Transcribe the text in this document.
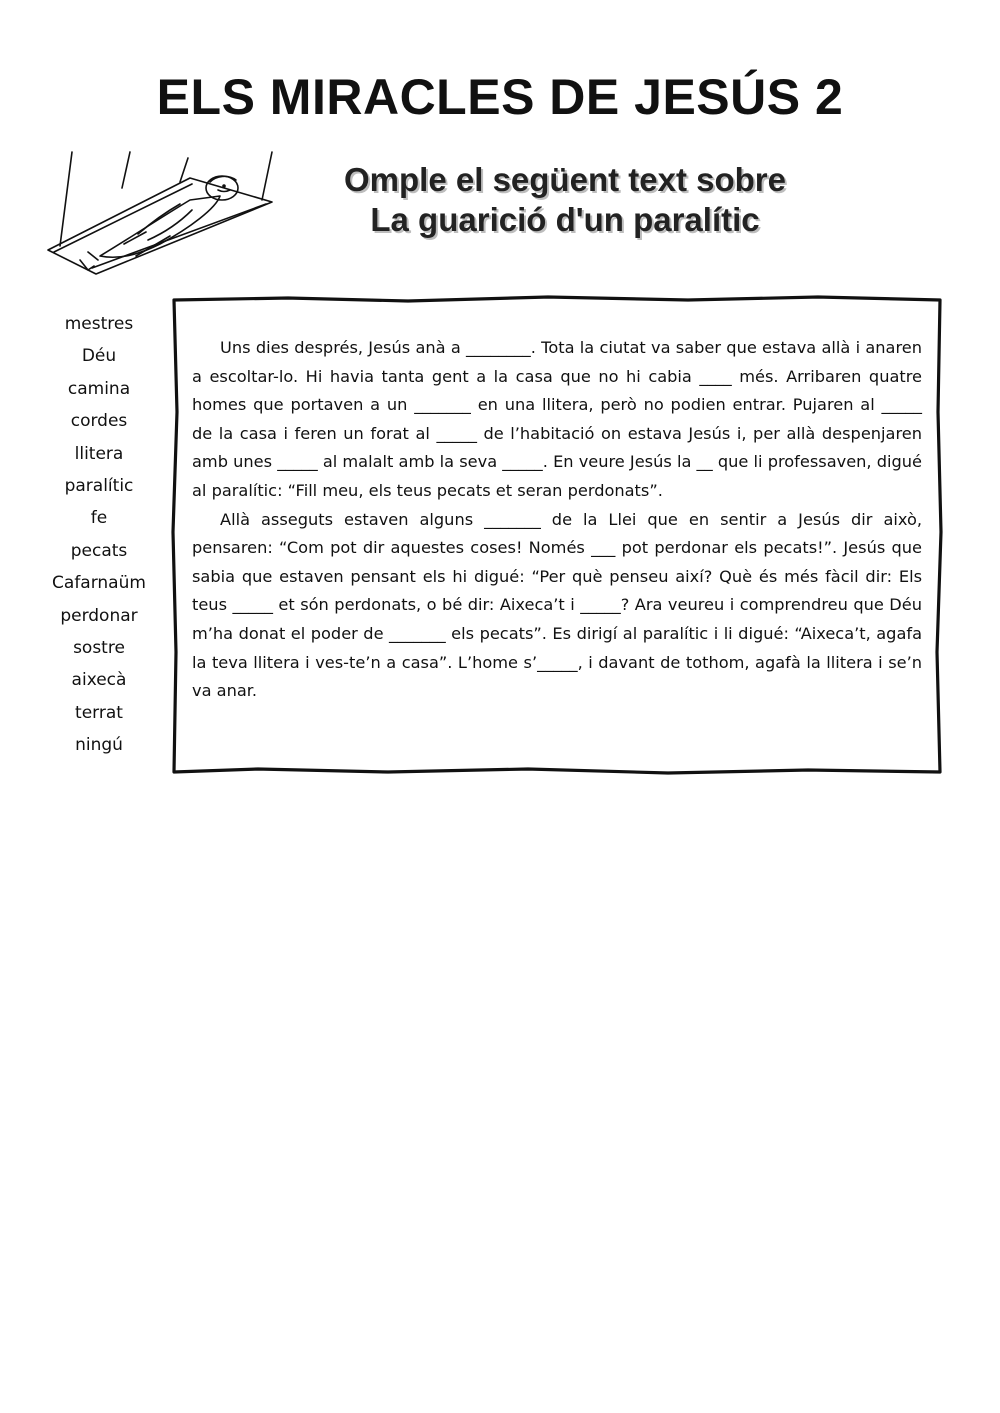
ELS MIRACLES DE JESÚS 2
Omple el següent text sobre
La guarició d'un paralític
mestres
Déu
camina
cordes
llitera
paralític
fe
pecats
Cafarnaüm
perdonar
sostre
aixecà
terrat
ningú

Uns dies després, Jesús anà a ________. Tota la ciutat va saber que estava allà i anaren a escoltar-lo. Hi havia tanta gent a la casa que no hi cabia ____ més. Arribaren quatre homes que portaven a un _______ en una llitera, però no podien entrar. Pujaren al _____ de la casa i feren un forat al _____ de l’habitació on estava Jesús i, per allà despenjaren amb unes _____ al malalt amb la seva _____. En veure Jesús la __ que li professaven, digué al paralític: “Fill meu, els teus pecats et seran perdonats”.

Allà asseguts estaven alguns _______ de la Llei que en sentir a Jesús dir això, pensaren: “Com pot dir aquestes coses! Només ___ pot perdonar els pecats!”. Jesús que sabia que estaven pensant els hi digué: “Per què penseu així? Què és més fàcil dir: Els teus _____ et són perdonats, o bé dir: Aixeca’t i _____? Ara veureu i comprendreu que Déu m’ha donat el poder de _______ els pecats”. Es dirigí al paralític i li digué: “Aixeca’t, agafa la teva llitera i ves-te’n a casa”. L’home s’_____, i davant de tothom, agafà la llitera i se’n va anar.
